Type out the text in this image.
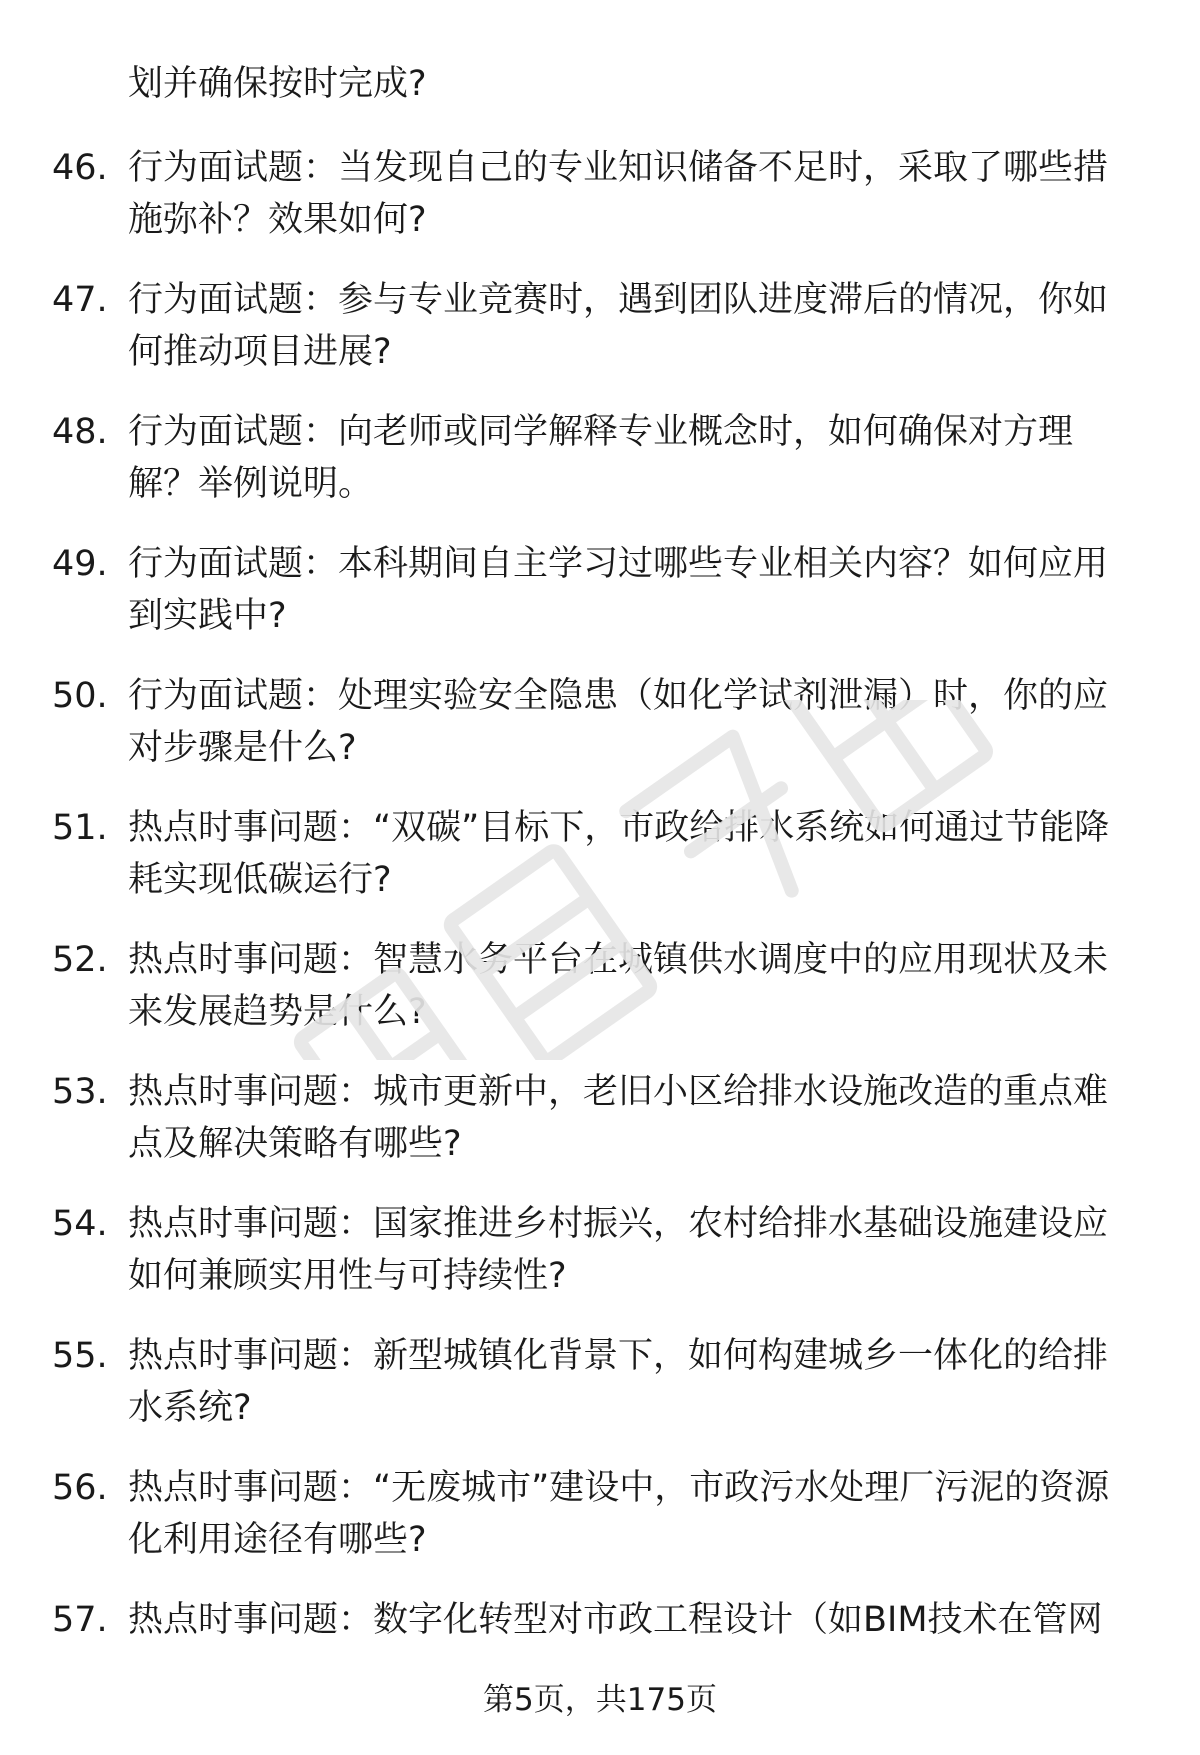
划并确保按时完成?

46. 行为面试题：当发现自己的专业知识储备不足时，采取了哪些措施弥补？效果如何?
47. 行为面试题：参与专业竞赛时，遇到团队进度滞后的情况，你如何推动项目进展?
48. 行为面试题：向老师或同学解释专业概念时，如何确保对方理解？举例说明。
49. 行为面试题：本科期间自主学习过哪些专业相关内容？如何应用到实践中?
50. 行为面试题：处理实验安全隐患（如化学试剂泄漏）时，你的应对步骤是什么?
51. 热点时事问题：“双碳”目标下，市政给排水系统如何通过节能降耗实现低碳运行?
52. 热点时事问题：智慧水务平台在城镇供水调度中的应用现状及未来发展趋势是什么?
53. 热点时事问题：城市更新中，老旧小区给排水设施改造的重点难点及解决策略有哪些?
54. 热点时事问题：国家推进乡村振兴，农村给排水基础设施建设应如何兼顾实用性与可持续性?
55. 热点时事问题：新型城镇化背景下，如何构建城乡一体化的给排水系统?
56. 热点时事问题：“无废城市”建设中，市政污水处理厂污泥的资源化利用途径有哪些?
57. 热点时事问题：数字化转型对市政工程设计（如BIM技术在管网
第5页，共175页
